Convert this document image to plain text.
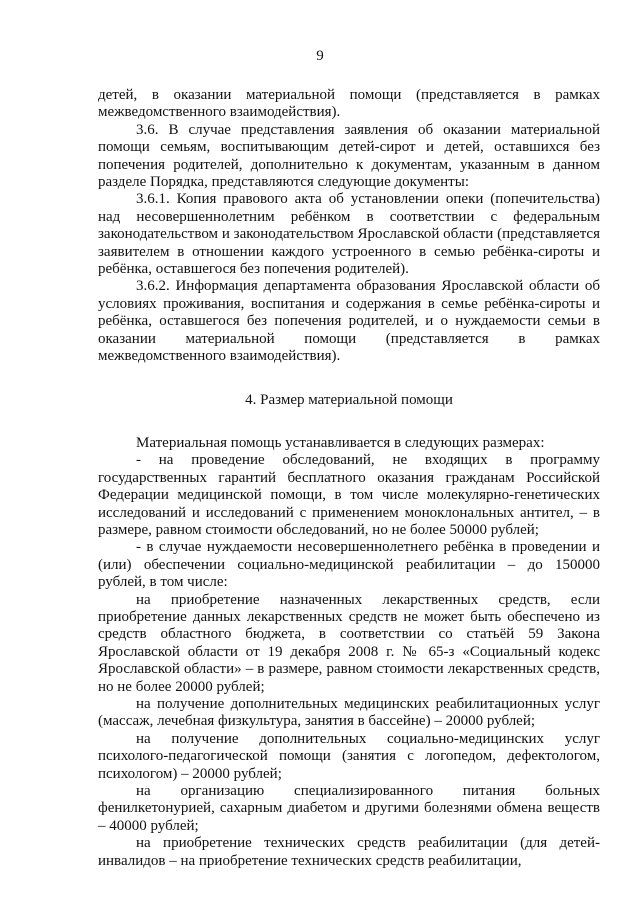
9

детей, в оказании материальной помощи (представляется в рамках межведомственного взаимодействия).

3.6. В случае представления заявления об оказании материальной помощи семьям, воспитывающим детей-сирот и детей, оставшихся без попечения родителей, дополнительно к документам, указанным в данном разделе Порядка, представляются следующие документы:

3.6.1. Копия правового акта об установлении опеки (попечительства) над несовершеннолетним ребёнком в соответствии с федеральным законодательством и законодательством Ярославской области (представляется заявителем в отношении каждого устроенного в семью ребёнка-сироты и ребёнка, оставшегося без попечения родителей).

3.6.2. Информация департамента образования Ярославской области об условиях проживания, воспитания и содержания в семье ребёнка-сироты и ребёнка, оставшегося без попечения родителей, и о нуждаемости семьи в оказании материальной помощи (представляется в рамках межведомственного взаимодействия).

4. Размер материальной помощи

Материальная помощь устанавливается в следующих размерах:

- на проведение обследований, не входящих в программу государственных гарантий бесплатного оказания гражданам Российской Федерации медицинской помощи, в том числе молекулярно-генетических исследований и исследований с применением моноклональных антител, – в размере, равном стоимости обследований, но не более 50000 рублей;

- в случае нуждаемости несовершеннолетнего ребёнка в проведении и (или) обеспечении социально-медицинской реабилитации – до 150000 рублей, в том числе:

на приобретение назначенных лекарственных средств, если приобретение данных лекарственных средств не может быть обеспечено из средств областного бюджета, в соответствии со статьёй 59 Закона Ярославской области от 19 декабря 2008 г. № 65-з «Социальный кодекс Ярославской области» – в размере, равном стоимости лекарственных средств, но не более 20000 рублей;

на получение дополнительных медицинских реабилитационных услуг (массаж, лечебная физкультура, занятия в бассейне) – 20000 рублей;

на получение дополнительных социально-медицинских услуг психолого-педагогической помощи (занятия с логопедом, дефектологом, психологом) – 20000 рублей;

на организацию специализированного питания больных фенилкетонурией, сахарным диабетом и другими болезнями обмена веществ – 40000 рублей;

на приобретение технических средств реабилитации (для детей-инвалидов – на приобретение технических средств реабилитации,
